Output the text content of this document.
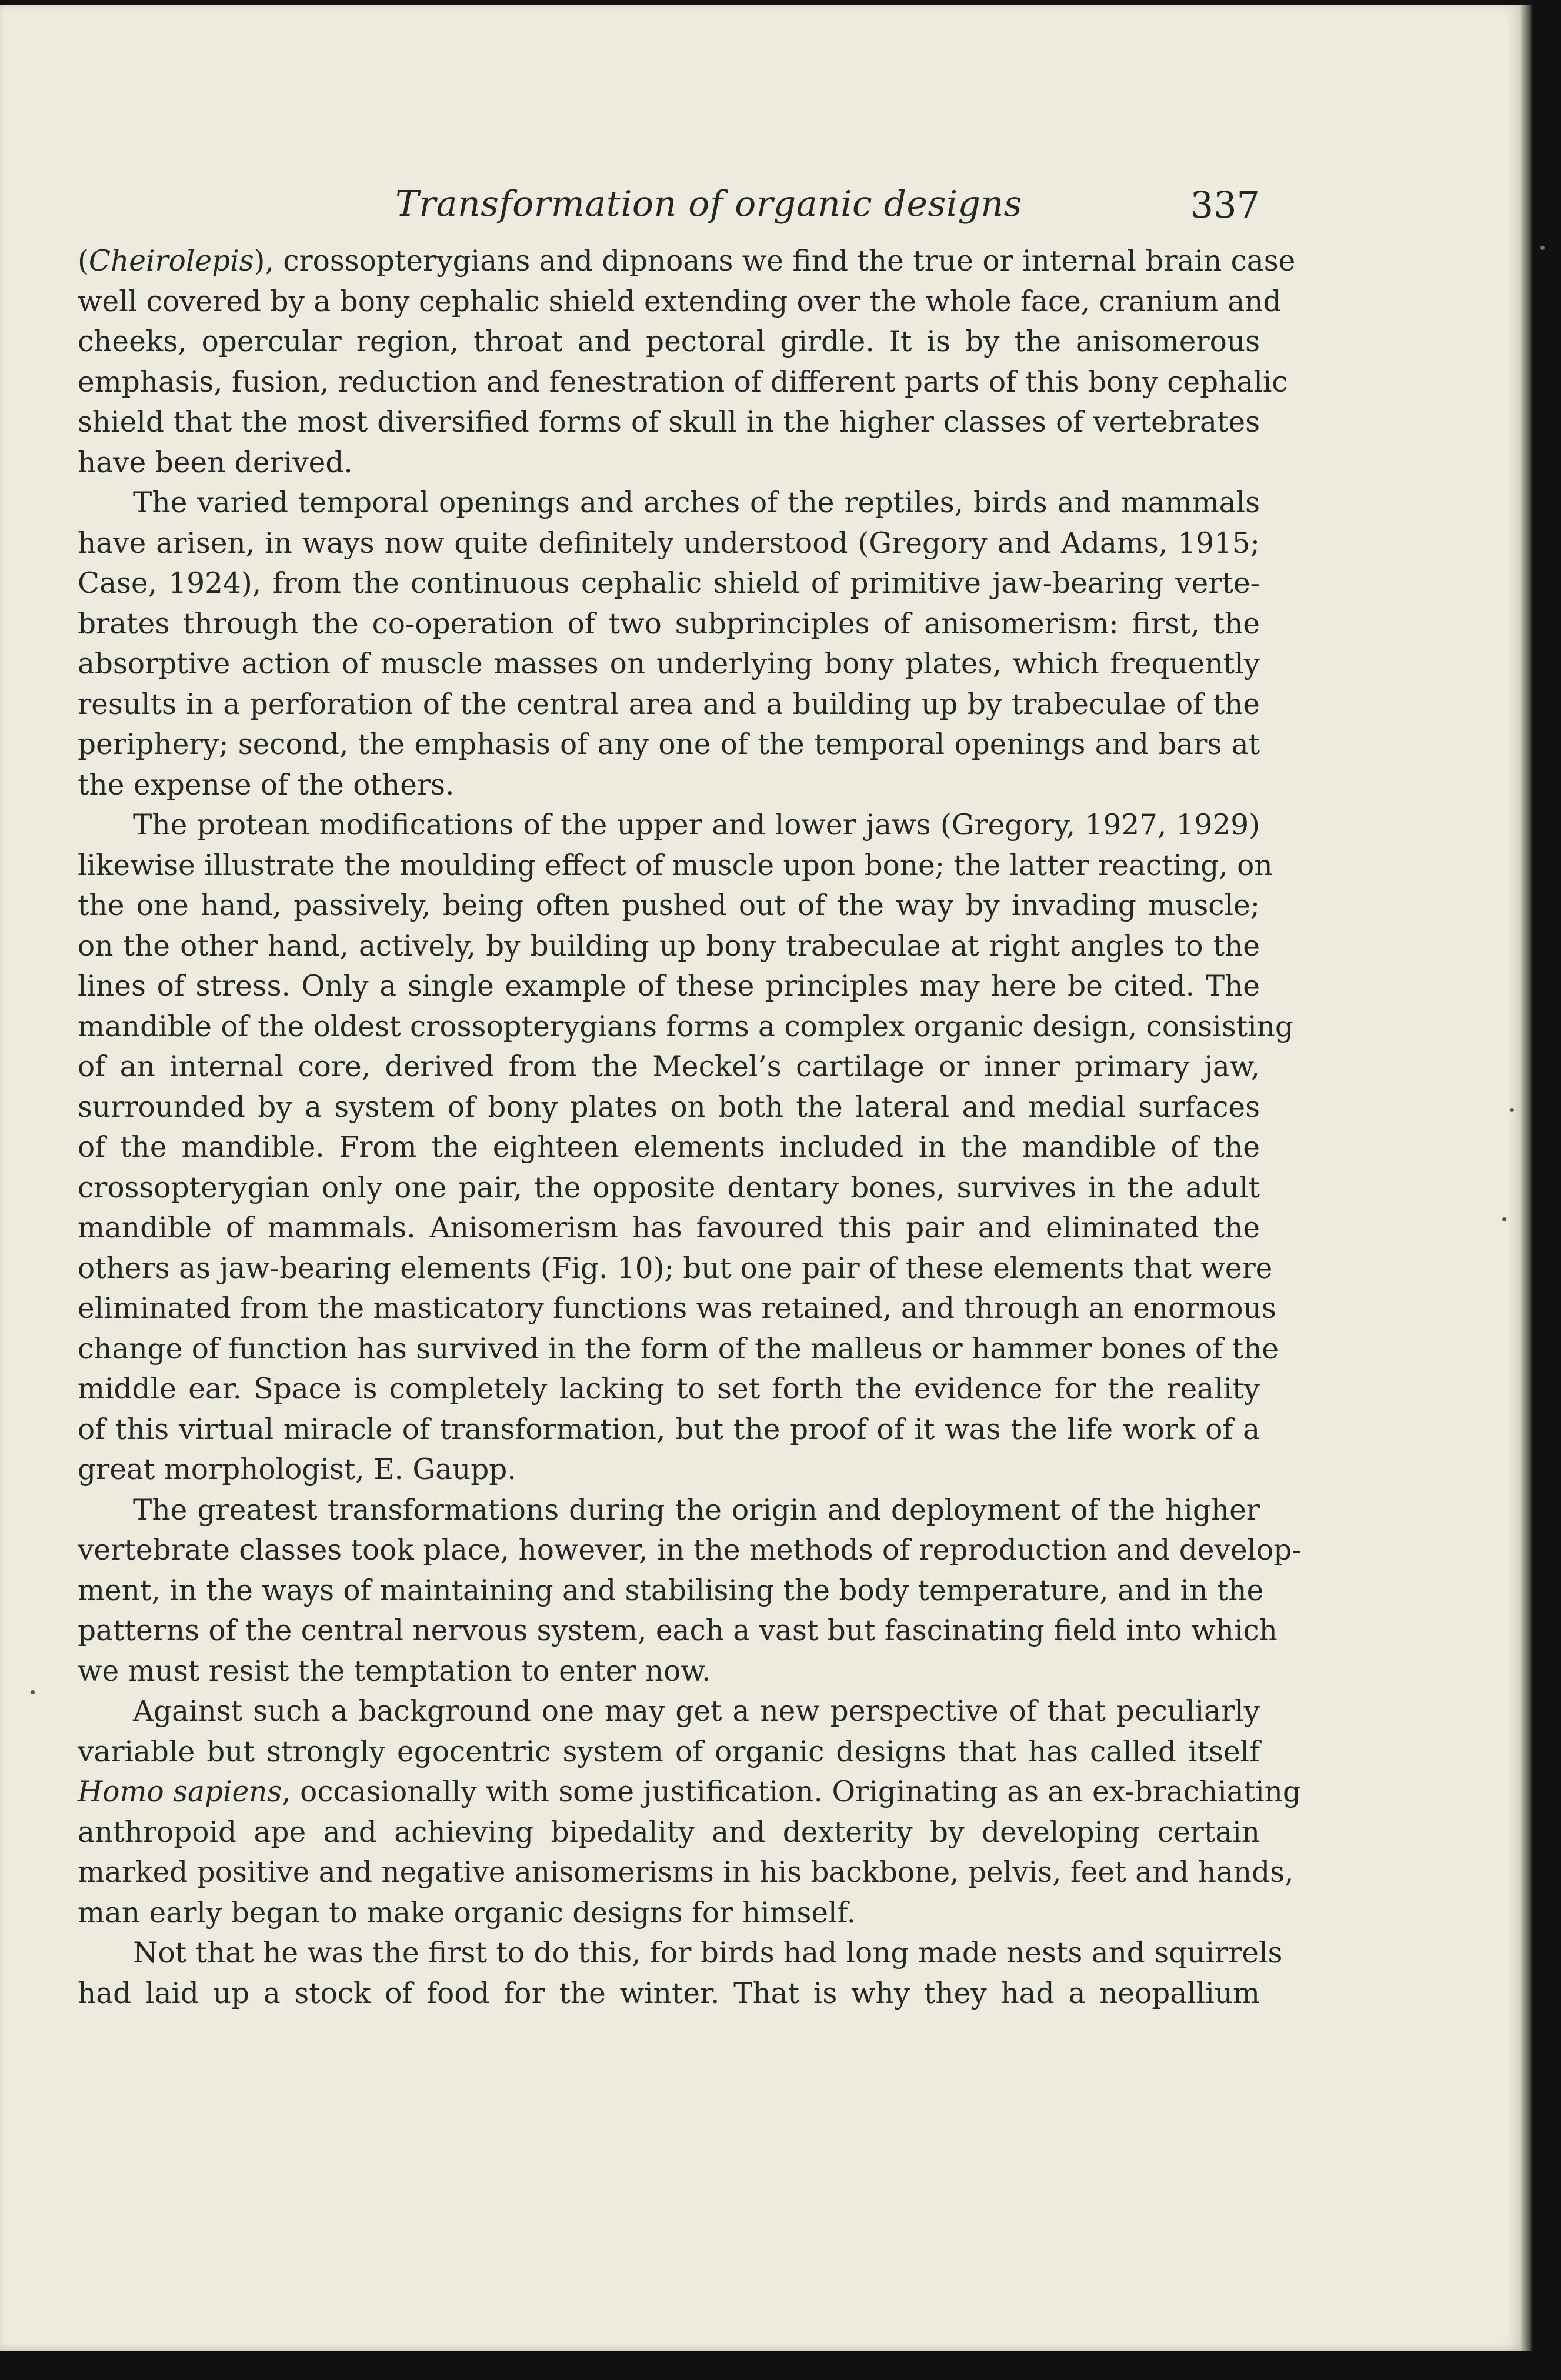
Transformation of organic designs	337
(Cheirolepis), crossopterygians and dipnoans we find the true or internal brain case
well covered by a bony cephalic shield extending over the whole face, cranium and
cheeks, opercular region, throat and pectoral girdle. It is by the anisomerous
emphasis, fusion, reduction and fenestration of different parts of this bony cephalic
shield that the most diversified forms of skull in the higher classes of vertebrates
have been derived.
The varied temporal openings and arches of the reptiles, birds and mammals
have arisen, in ways now quite definitely understood (Gregory and Adams, 1915;
Case, 1924), from the continuous cephalic shield of primitive jaw-bearing verte-
brates through the co-operation of two subprinciples of anisomerism: first, the
absorptive action of muscle masses on underlying bony plates, which frequently
results in a perforation of the central area and a building up by trabeculae of the
periphery; second, the emphasis of any one of the temporal openings and bars at
the expense of the others.
The protean modifications of the upper and lower jaws (Gregory, 1927, 1929)
likewise illustrate the moulding effect of muscle upon bone; the latter reacting, on
the one hand, passively, being often pushed out of the way by invading muscle;
on the other hand, actively, by building up bony trabeculae at right angles to the
lines of stress. Only a single example of these principles may here be cited. The
mandible of the oldest crossopterygians forms a complex organic design, consisting
of an internal core, derived from the Meckel’s cartilage or inner primary jaw,
surrounded by a system of bony plates on both the lateral and medial surfaces
of the mandible. From the eighteen elements included in the mandible of the
crossopterygian only one pair, the opposite dentary bones, survives in the adult
mandible of mammals. Anisomerism has favoured this pair and eliminated the
others as jaw-bearing elements (Fig. 10); but one pair of these elements that were
eliminated from the masticatory functions was retained, and through an enormous
change of function has survived in the form of the malleus or hammer bones of the
middle ear. Space is completely lacking to set forth the evidence for the reality
of this virtual miracle of transformation, but the proof of it was the life work of a
great morphologist, E. Gaupp.
The greatest transformations during the origin and deployment of the higher
vertebrate classes took place, however, in the methods of reproduction and develop-
ment, in the ways of maintaining and stabilising the body temperature, and in the
patterns of the central nervous system, each a vast but fascinating field into which
we must resist the temptation to enter now.
Against such a background one may get a new perspective of that peculiarly
variable but strongly egocentric system of organic designs that has called itself
Homo sapiens, occasionally with some justification. Originating as an ex-brachiating
anthropoid ape and achieving bipedality and dexterity by developing certain
marked positive and negative anisomerisms in his backbone, pelvis, feet and hands,
man early began to make organic designs for himself.
Not that he was the first to do this, for birds had long made nests and squirrels
had laid up a stock of food for the winter. That is why they had a neopallium
